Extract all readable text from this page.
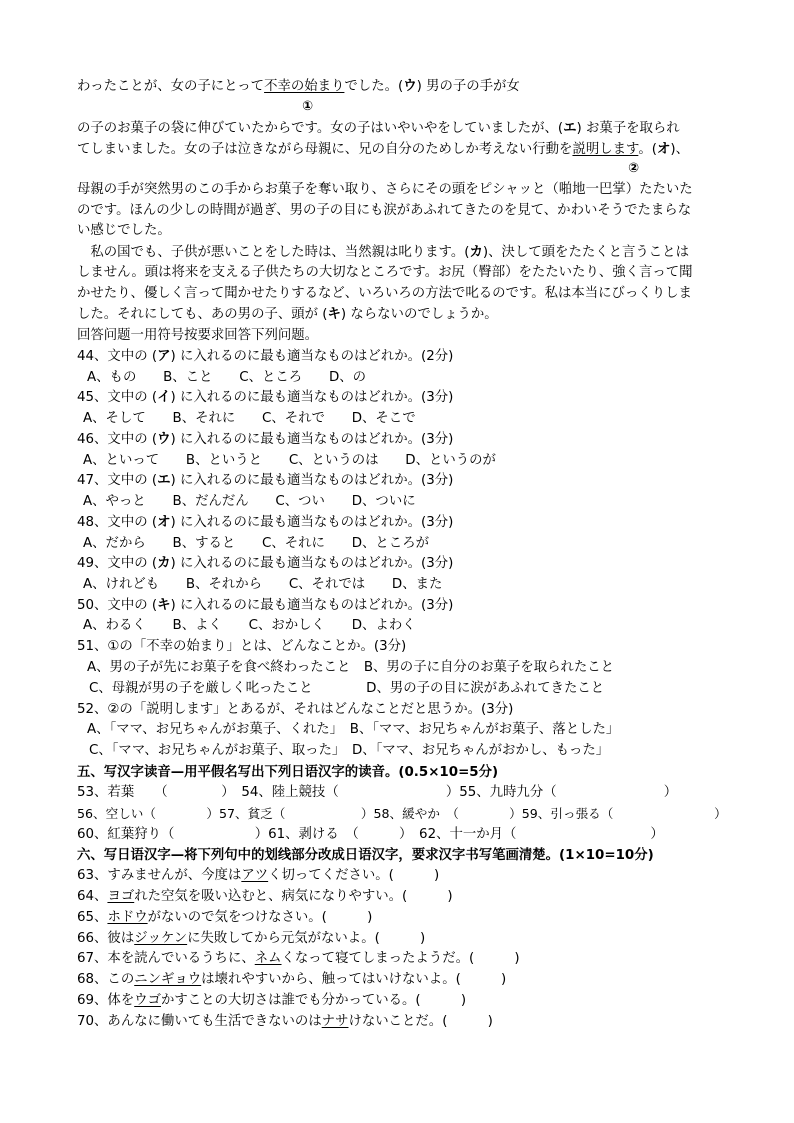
わったことが、女の子にとって不幸の始まりでした。(ウ) 男の子の手が女
①
の子のお菓子の袋に伸びていたからです。女の子はいやいやをしていましたが、(エ) お菓子を取られ
てしまいました。女の子は泣きながら母親に、兄の自分のためしか考えない行動を説明します。(オ)、
②
母親の手が突然男のこの手からお菓子を奪い取り、さらにその頭をピシャッと（啪地一巴掌）たたいた
のです。ほんの少しの時間が過ぎ、男の子の目にも涙があふれてきたのを見て、かわいそうでたまらな
い感じでした。
　私の国でも、子供が悪いことをした時は、当然親は叱ります。(カ)、決して頭をたたくと言うことは
しません。頭は将来を支える子供たちの大切なところです。お尻（臀部）をたたいたり、強く言って聞
かせたり、優しく言って聞かせたりするなど、いろいろの方法で叱るのです。私は本当にびっくりしま
した。それにしても、あの男の子、頭が (キ) ならないのでしょうか。
回答问题一用符号按要求回答下列问题。
44、文中の (ア) に入れるのに最も適当なものはどれか。(2分)
A、もの　　B、こと　　C、ところ　　D、の
45、文中の (イ) に入れるのに最も適当なものはどれか。(3分)
A、そして　　B、それに　　C、それで　　D、そこで
46、文中の (ウ) に入れるのに最も適当なものはどれか。(3分)
A、といって　　B、というと　　C、というのは　　D、というのが
47、文中の (エ) に入れるのに最も適当なものはどれか。(3分)
A、やっと　　B、だんだん　　C、つい　　D、ついに
48、文中の (オ) に入れるのに最も適当なものはどれか。(3分)
A、だから　　B、すると　　C、それに　　D、ところが
49、文中の (カ) に入れるのに最も適当なものはどれか。(3分)
A、けれども　　B、それから　　C、それでは　　D、また
50、文中の (キ) に入れるのに最も適当なものはどれか。(3分)
A、わるく　　B、よく　　C、おかしく　　D、よわく
51、①の「不幸の始まり」とは、どんなことか。(3分)
A、男の子が先にお菓子を食べ終わったこと　B、男の子に自分のお菓子を取られたこと
C、母親が男の子を厳しく叱ったこと　　　　D、男の子の目に涙があふれてきたこと
52、②の「説明します」とあるが、それはどんなことだと思うか。(3分)
A、「ママ、お兄ちゃんがお菓子、くれた」　B、「ママ、お兄ちゃんがお菓子、落とした」
C、「ママ、お兄ちゃんがお菓子、取った」　D、「ママ、お兄ちゃんがおかし、もった」
五、写汉字读音—用平假名写出下列日语汉字的读音。(0.5×10=5分)
53、若葉　　（　　　　）　54、陸上競技（　　　　　　　　）55、九時九分（　　　　　　　　）
56、空しい（　　　　）57、貧乏（　　　　　　）58、緩やか　（　　　　）59、引っ張る（　　　　　　　　）
60、紅葉狩り（　　　　　　）61、剥ける　（　　　）　62、十一か月（　　　　　　　　　　）
六、写日语汉字—将下列句中的划线部分改成日语汉字，要求汉字书写笔画清楚。(1×10=10分)
63、すみませんが、今度はアツく切ってください。(　　　)
64、ヨゴれた空気を吸い込むと、病気になりやすい。(　　　)
65、ホドウがないので気をつけなさい。(　　　)
66、彼はジッケンに失敗してから元気がないよ。(　　　)
67、本を読んでいるうちに、ネムくなって寝てしまったようだ。(　　　)
68、このニンギョウは壊れやすいから、触ってはいけないよ。(　　　)
69、体をウゴかすことの大切さは誰でも分かっている。(　　　)
70、あんなに働いても生活できないのはナサけないことだ。(　　　)
